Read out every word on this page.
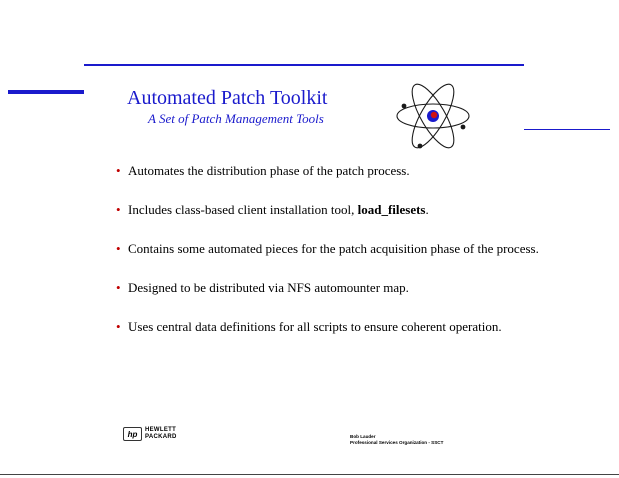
Automated Patch Toolkit
A Set of Patch Management Tools
• Automates the distribution phase of the patch process.
• Includes class-based client installation tool, load_filesets.
• Contains some automated pieces for the patch acquisition phase of the process.
• Designed to be distributed via NFS automounter map.
• Uses central data definitions for all scripts to ensure coherent operation.
hp	HEWLETT
PACKARD	Bob Lauder
Professional Services Organization - SSCT
